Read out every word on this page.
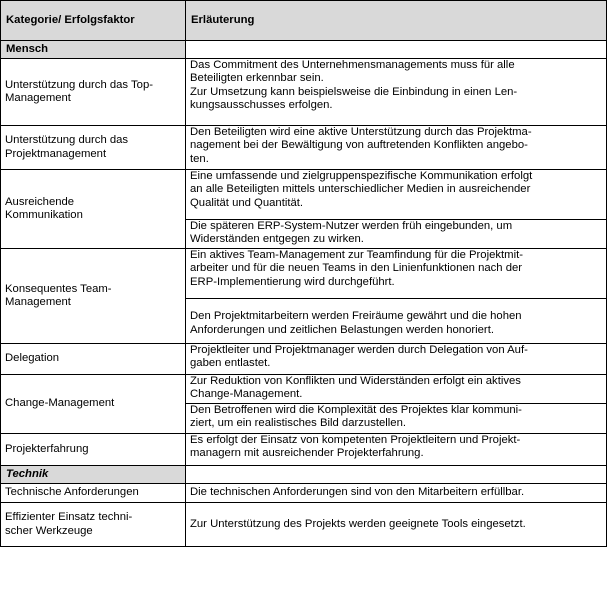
Kategorie/ Erfolgsfaktor	Erläuterung
Mensch	
Unterstützung durch das Top-
Management	Das Commitment des Unternehmensmanagements muss für alle
Beteiligten erkennbar sein.
Zur Umsetzung kann beispielsweise die Einbindung in einen Len-
kungsausschusses erfolgen.
Unterstützung durch das
Projektmanagement	Den Beteiligten wird eine aktive Unterstützung durch das Projektma-
nagement bei der Bewältigung von auftretenden Konflikten angebo-
ten.
Ausreichende
Kommunikation	Eine umfassende und zielgruppenspezifische Kommunikation erfolgt
an alle Beteiligten mittels unterschiedlicher Medien in ausreichender
Qualität und Quantität.
	Die späteren ERP-System-Nutzer werden früh eingebunden, um
Widerständen entgegen zu wirken.
Konsequentes Team-
Management	Ein aktives Team-Management zur Teamfindung für die Projektmit-
arbeiter und für die neuen Teams in den Linienfunktionen nach der
ERP-Implementierung wird durchgeführt.
	Den Projektmitarbeitern werden Freiräume gewährt und die hohen
Anforderungen und zeitlichen Belastungen werden honoriert.
Delegation	Projektleiter und Projektmanager werden durch Delegation von Auf-
gaben entlastet.
Change-Management	Zur Reduktion von Konflikten und Widerständen erfolgt ein aktives
Change-Management.
	Den Betroffenen wird die Komplexität des Projektes klar kommuni-
ziert, um ein realistisches Bild darzustellen.
Projekterfahrung	Es erfolgt der Einsatz von kompetenten Projektleitern und Projekt-
managern mit ausreichender Projekterfahrung.
Technik	
Technische Anforderungen	Die technischen Anforderungen sind von den Mitarbeitern erfüllbar.
Effizienter Einsatz techni-
scher Werkzeuge	Zur Unterstützung des Projekts werden geeignete Tools eingesetzt.
